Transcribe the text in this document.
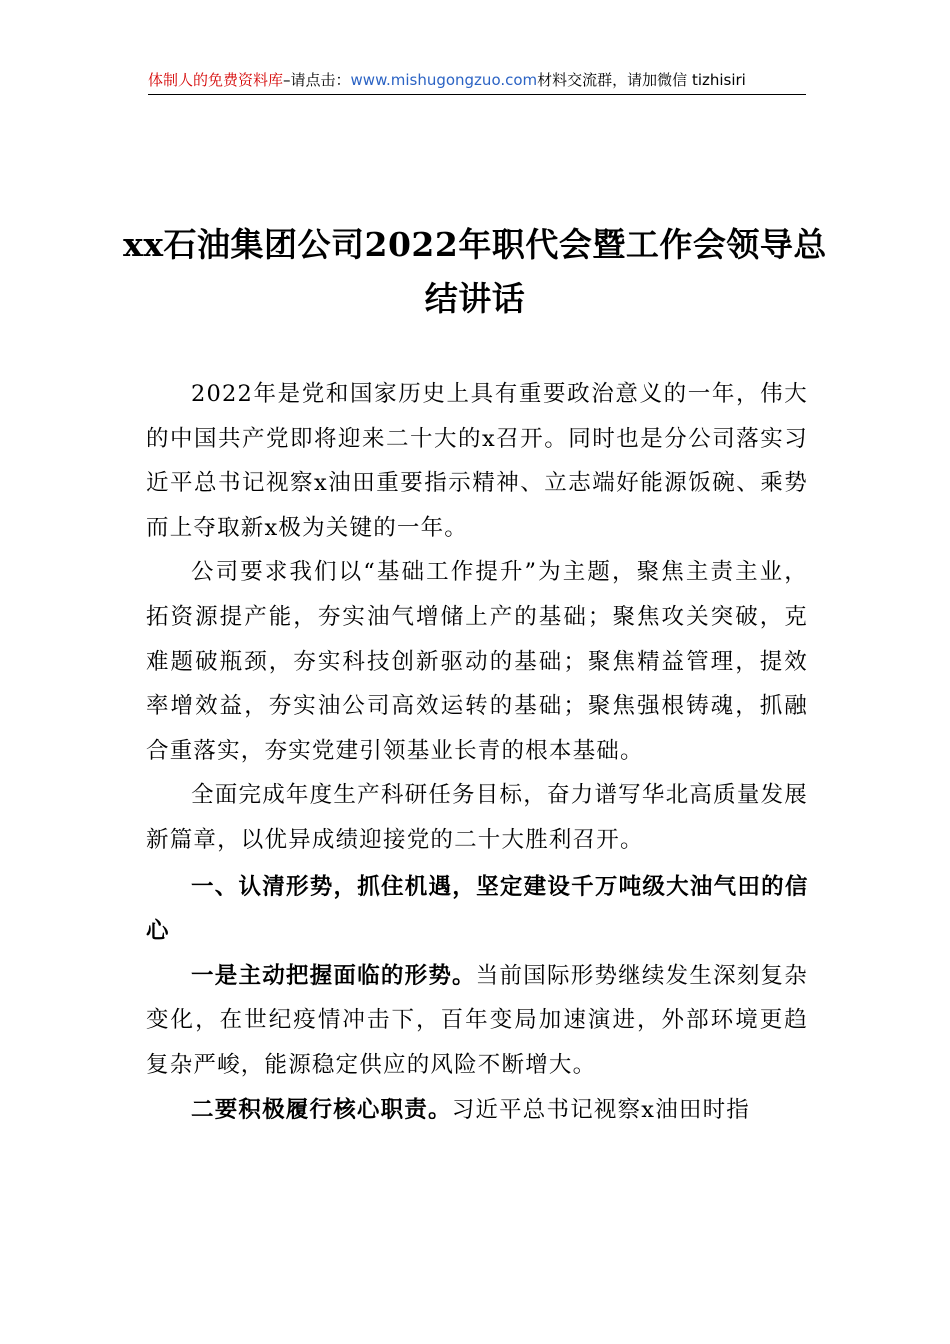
体制人的免费资料库–请点击：www.mishugongzuo.com材料交流群，请加微信 tizhisiri
xx石油集团公司2022年职代会暨工作会领导总结讲话

2022年是党和国家历史上具有重要政治意义的一年，伟大的中国共产党即将迎来二十大的x召开。同时也是分公司落实习近平总书记视察x油田重要指示精神、立志端好能源饭碗、乘势而上夺取新x极为关键的一年。

公司要求我们以“基础工作提升”为主题，聚焦主责主业，拓资源提产能，夯实油气增储上产的基础；聚焦攻关突破，克难题破瓶颈，夯实科技创新驱动的基础；聚焦精益管理，提效率增效益，夯实油公司高效运转的基础；聚焦强根铸魂，抓融合重落实，夯实党建引领基业长青的根本基础。

全面完成年度生产科研任务目标，奋力谱写华北高质量发展新篇章，以优异成绩迎接党的二十大胜利召开。

一、认清形势，抓住机遇，坚定建设千万吨级大油气田的信心

一是主动把握面临的形势。当前国际形势继续发生深刻复杂变化，在世纪疫情冲击下，百年变局加速演进，外部环境更趋复杂严峻，能源稳定供应的风险不断增大。

二要积极履行核心职责。习近平总书记视察x油田时指
